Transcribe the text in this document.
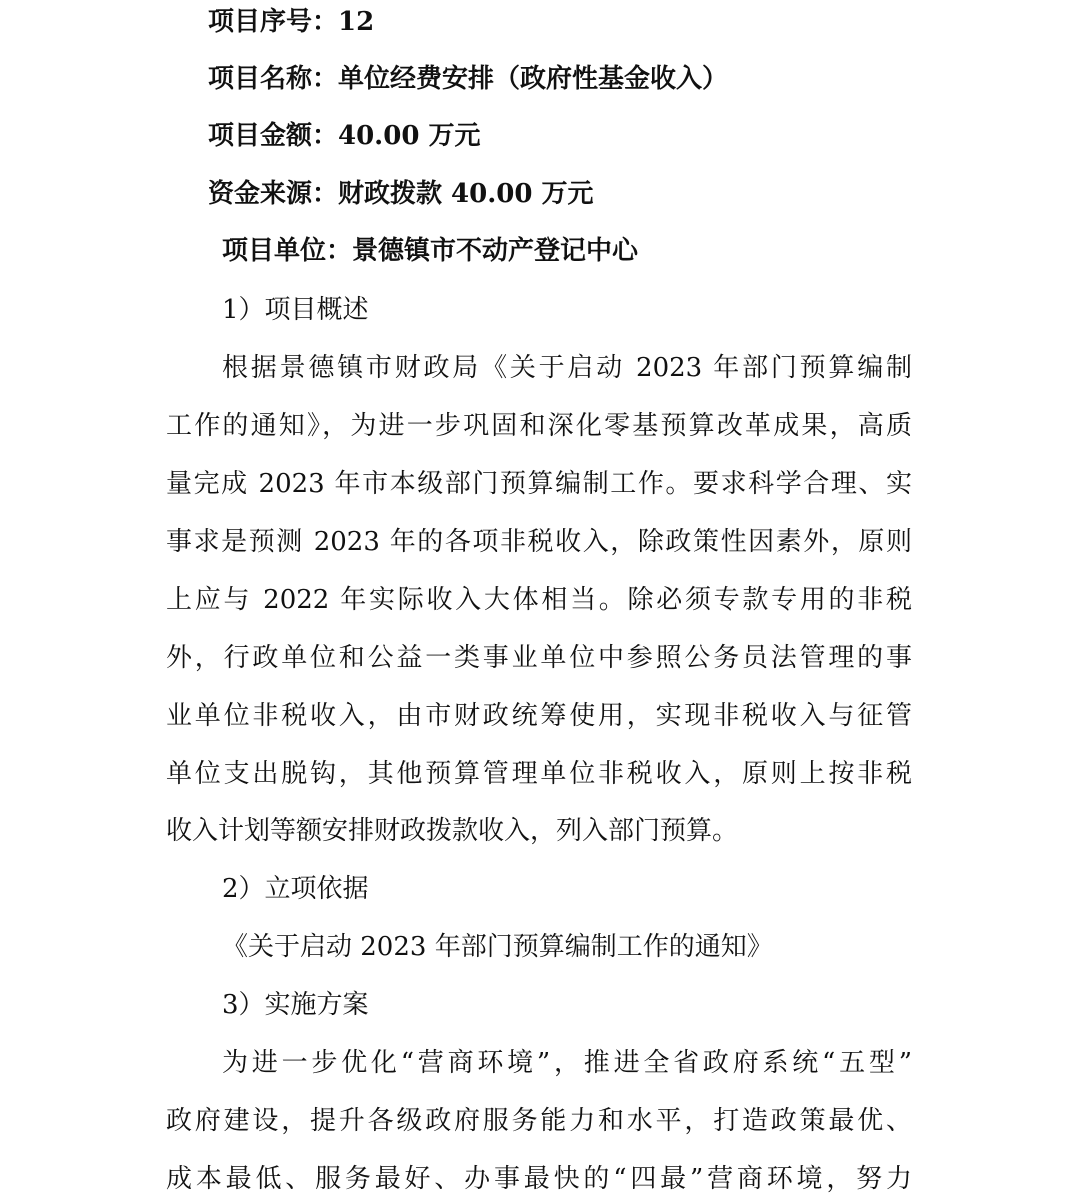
项目序号：12
项目名称：单位经费安排（政府性基金收入）
项目金额：40.00 万元
资金来源：财政拨款 40.00 万元
项目单位：景德镇市不动产登记中心
1）项目概述
根据景德镇市财政局《关于启动 2023 年部门预算编制
工作的通知》，为进一步巩固和深化零基预算改革成果，高质
量完成 2023 年市本级部门预算编制工作。要求科学合理、实
事求是预测 2023 年的各项非税收入，除政策性因素外，原则
上应与 2022 年实际收入大体相当。除必须专款专用的非税
外，行政单位和公益一类事业单位中参照公务员法管理的事
业单位非税收入，由市财政统筹使用，实现非税收入与征管
单位支出脱钩，其他预算管理单位非税收入，原则上按非税
收入计划等额安排财政拨款收入，列入部门预算。
2）立项依据
《关于启动 2023 年部门预算编制工作的通知》
3）实施方案
为进一步优化“营商环境”，推进全省政府系统“五型”
政府建设，提升各级政府服务能力和水平，打造政策最优、
成本最低、服务最好、办事最快的“四最”营商环境，努力
